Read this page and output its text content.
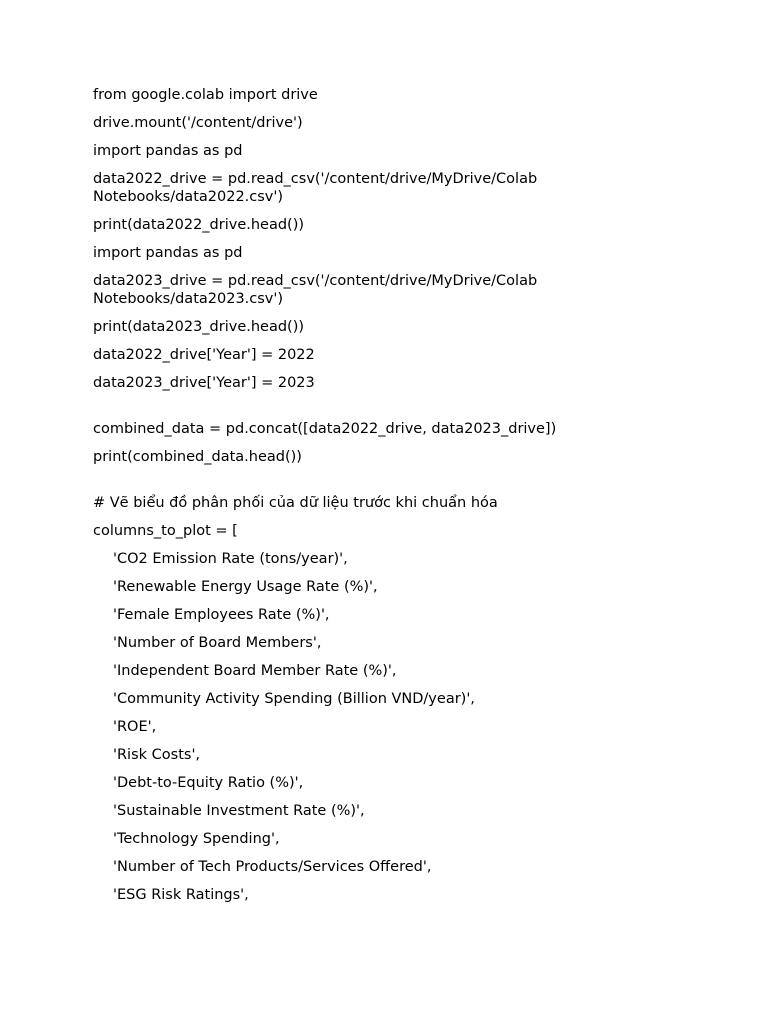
from google.colab import drive
drive.mount('/content/drive')
import pandas as pd
data2022_drive = pd.read_csv('/content/drive/MyDrive/Colab
Notebooks/data2022.csv')
print(data2022_drive.head())
import pandas as pd
data2023_drive = pd.read_csv('/content/drive/MyDrive/Colab
Notebooks/data2023.csv')
print(data2023_drive.head())
data2022_drive['Year'] = 2022
data2023_drive['Year'] = 2023
combined_data = pd.concat([data2022_drive, data2023_drive])
print(combined_data.head())
# Vẽ biểu đồ phân phối của dữ liệu trước khi chuẩn hóa
columns_to_plot = [
'CO2 Emission Rate (tons/year)',
'Renewable Energy Usage Rate (%)',
'Female Employees Rate (%)',
'Number of Board Members',
'Independent Board Member Rate (%)',
'Community Activity Spending (Billion VND/year)',
'ROE',
'Risk Costs',
'Debt-to-Equity Ratio (%)',
'Sustainable Investment Rate (%)',
'Technology Spending',
'Number of Tech Products/Services Offered',
'ESG Risk Ratings',
